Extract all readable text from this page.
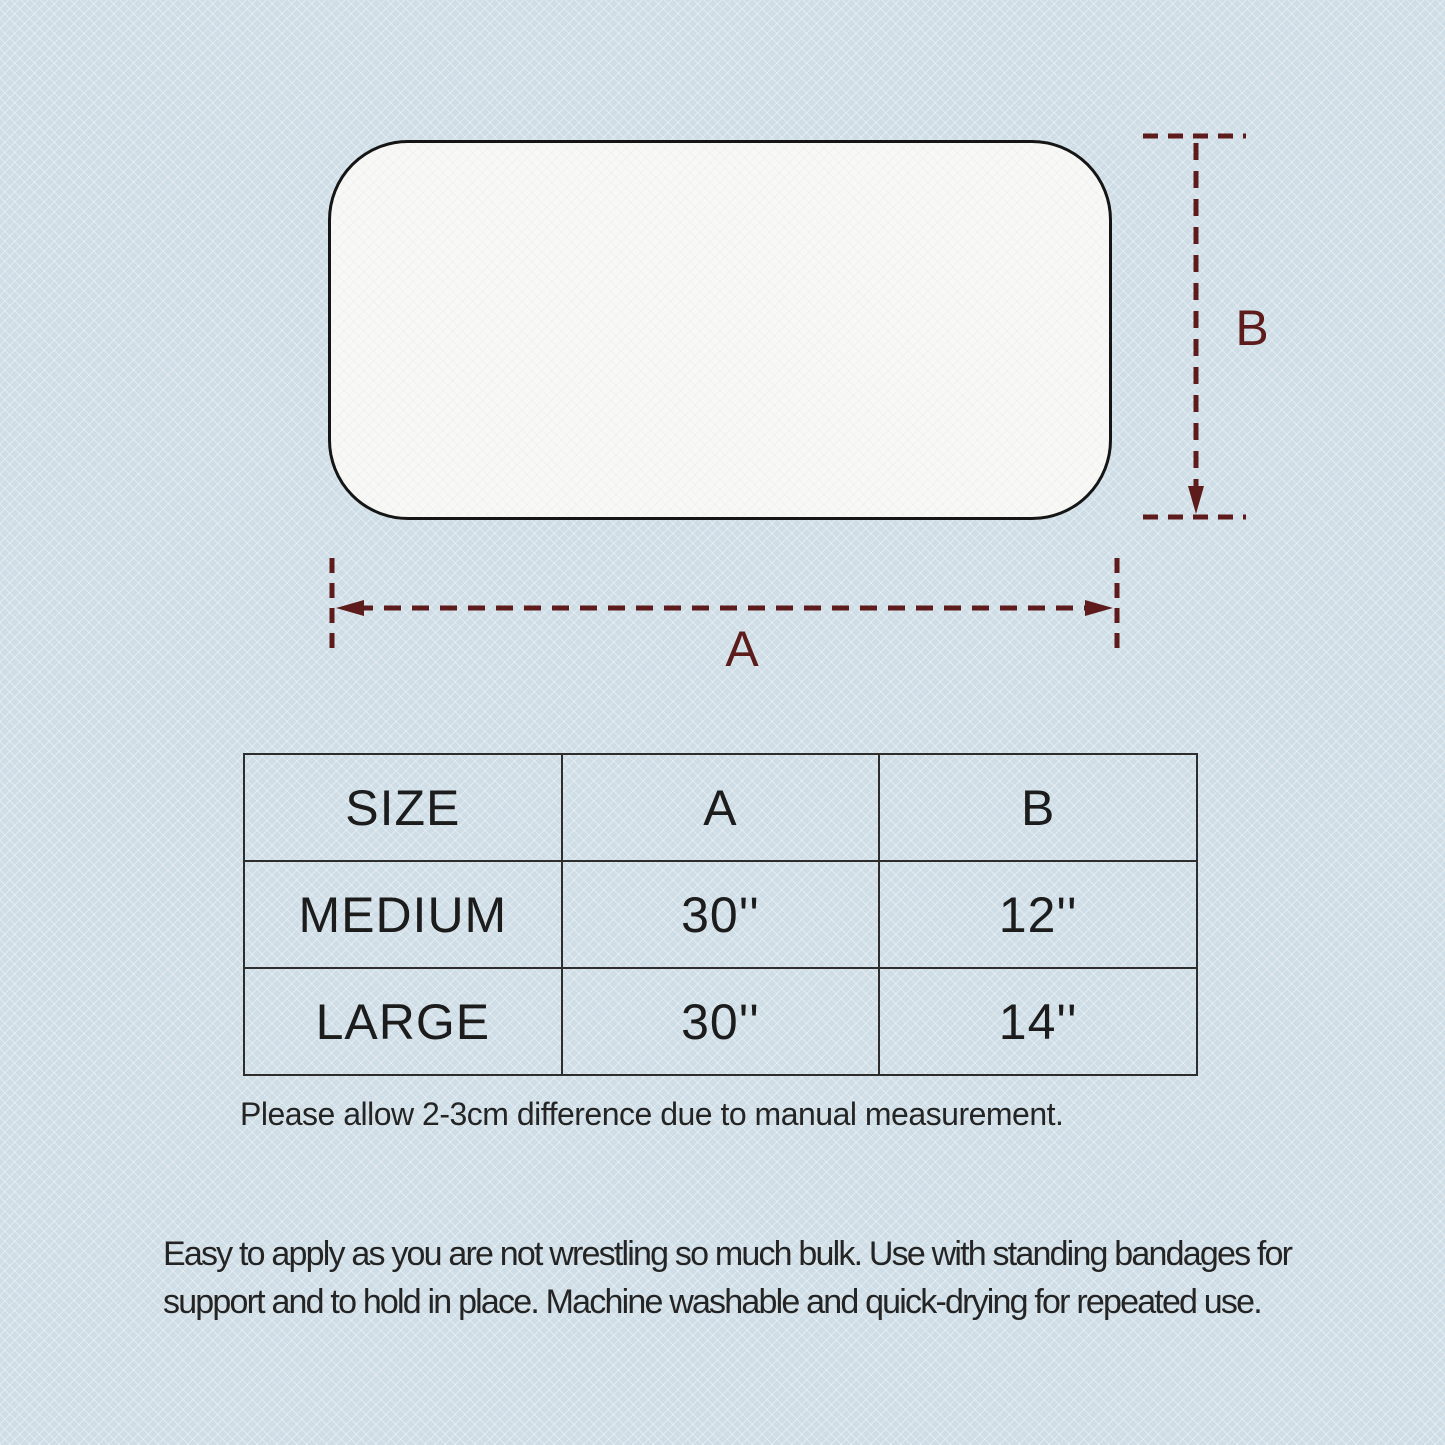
A
B
SIZE	A	B
MEDIUM	30''	12''
LARGE	30''	14''
Please allow 2-3cm difference due to manual measurement.
Easy to apply as you are not wrestling so much bulk. Use with standing bandages for support and to hold in place. Machine washable and quick-drying for repeated use.
